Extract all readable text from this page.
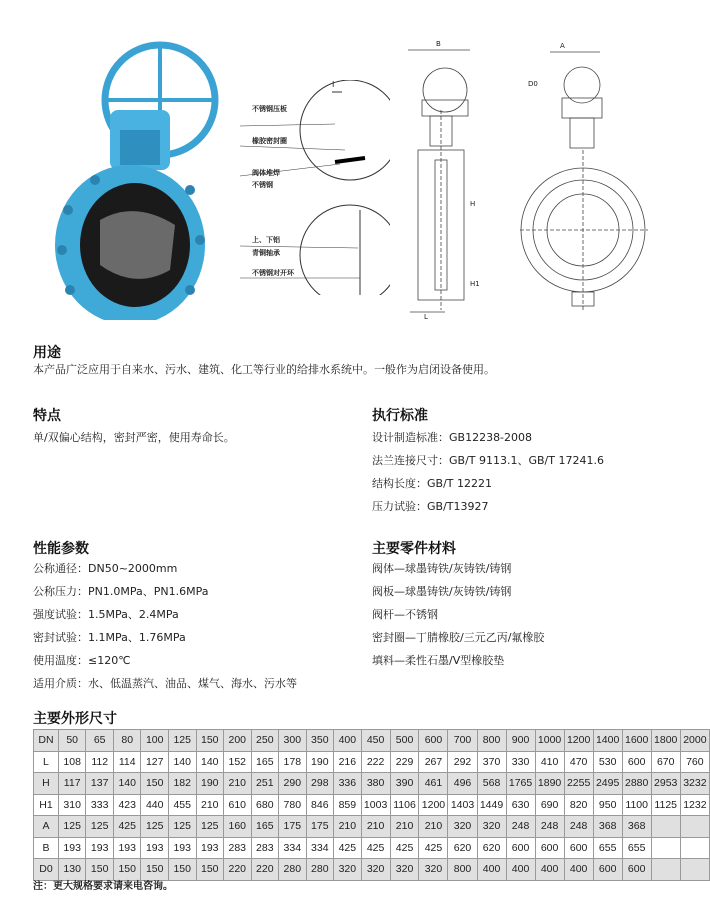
I
不锈钢压板
橡胶密封圈
阀体堆焊
不锈钢
上、下铝
青铜轴承
不锈钢对开环
B
H
H1
L
A
D0
用途
本产品广泛应用于自来水、污水、建筑、化工等行业的给排水系统中。一般作为启闭设备使用。
特点
单/双偏心结构，密封严密，使用寿命长。
执行标准
设计制造标准：GB12238-2008
法兰连接尺寸：GB/T 9113.1、GB/T 17241.6
结构长度：GB/T 12221
压力试验：GB/T13927
性能参数
公称通径：DN50~2000mm
公称压力：PN1.0MPa、PN1.6MPa
强度试验：1.5MPa、2.4MPa
密封试验：1.1MPa、1.76MPa
使用温度：≤120℃
适用介质：水、低温蒸汽、油品、煤气、海水、污水等
主要零件材料
阀体—球墨铸铁/灰铸铁/铸钢
阀板—球墨铸铁/灰铸铁/铸钢
阀杆—不锈钢
密封圈—丁腈橡胶/三元乙丙/氟橡胶
填料—柔性石墨/V型橡胶垫
主要外形尺寸
DN	50	65	80	100	125	150	200	250	300	350	400	450	500	600	700	800	900	1000	1200	1400	1600	1800	2000
L	108	112	114	127	140	140	152	165	178	190	216	222	229	267	292	370	330	410	470	530	600	670	760
H	117	137	140	150	182	190	210	251	290	298	336	380	390	461	496	568	1765	1890	2255	2495	2880	2953	3232
H1	310	333	423	440	455	210	610	680	780	846	859	1003	1106	1200	1403	1449	630	690	820	950	1100	1125	1232
A	125	125	425	125	125	125	160	165	175	175	210	210	210	210	320	320	248	248	248	368	368		
B	193	193	193	193	193	193	283	283	334	334	425	425	425	425	620	620	600	600	600	655	655		
D0	130	150	150	150	150	150	220	220	280	280	320	320	320	320	800	400	400	400	400	600	600		
注：更大规格要求请来电咨询。
